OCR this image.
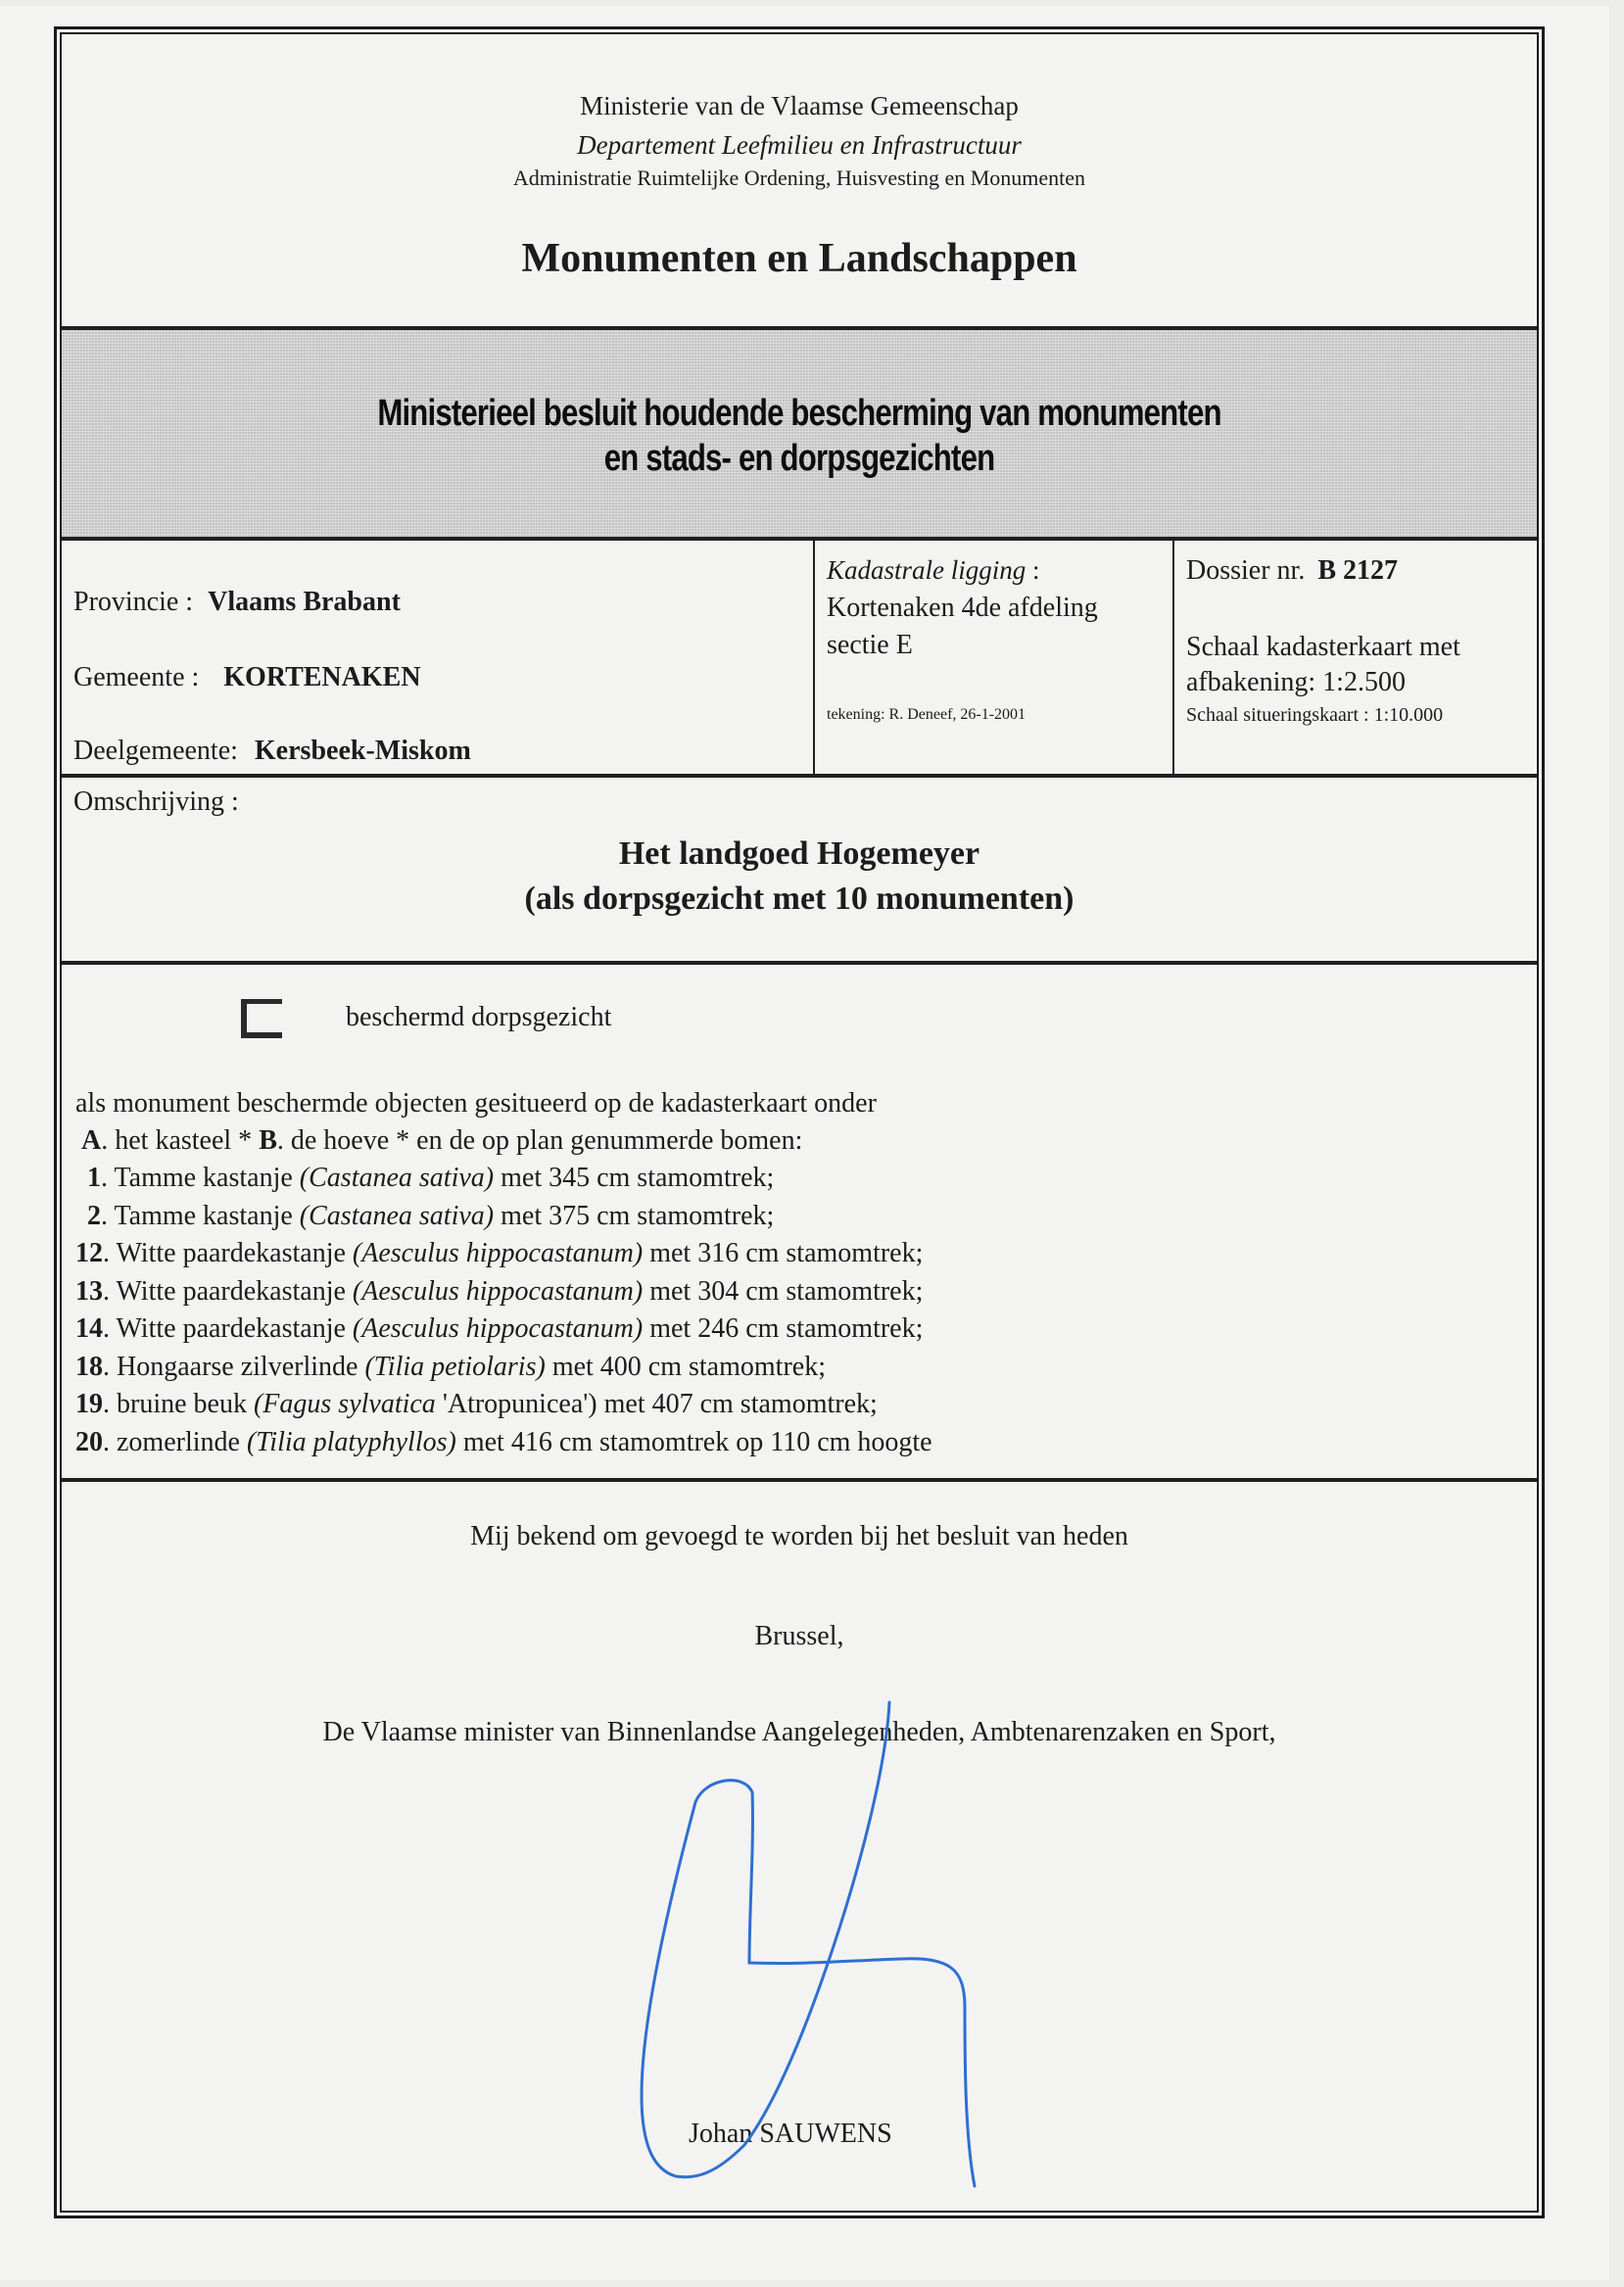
Ministerie van de Vlaamse Gemeenschap
Departement Leefmilieu en Infrastructuur
Administratie Ruimtelijke Ordening, Huisvesting en Monumenten
Monumenten en Landschappen
Ministerieel besluit houdende bescherming van monumenten
en stads- en dorpsgezichten
Provincie : Vlaams Brabant
Gemeente : KORTENAKEN
Deelgemeente: Kersbeek-Miskom
Kadastrale ligging :
Kortenaken 4de afdeling
sectie E
tekening: R. Deneef, 26-1-2001
Dossier nr. B 2127
Schaal kadasterkaart met
afbakening: 1:2.500
Schaal situeringskaart : 1:10.000
Omschrijving :
Het landgoed Hogemeyer
(als dorpsgezicht met 10 monumenten)
beschermd dorpsgezicht
als monument beschermde objecten gesitueerd op de kadasterkaart onder
A. het kasteel * B. de hoeve * en de op plan genummerde bomen:
1. Tamme kastanje (Castanea sativa) met 345 cm stamomtrek;
2. Tamme kastanje (Castanea sativa) met 375 cm stamomtrek;
12. Witte paardekastanje (Aesculus hippocastanum) met 316 cm stamomtrek;
13. Witte paardekastanje (Aesculus hippocastanum) met 304 cm stamomtrek;
14. Witte paardekastanje (Aesculus hippocastanum) met 246 cm stamomtrek;
18. Hongaarse zilverlinde (Tilia petiolaris) met 400 cm stamomtrek;
19. bruine beuk (Fagus sylvatica 'Atropunicea') met 407 cm stamomtrek;
20. zomerlinde (Tilia platyphyllos) met 416 cm stamomtrek op 110 cm hoogte
Mij bekend om gevoegd te worden bij het besluit van heden
Brussel,
De Vlaamse minister van Binnenlandse Aangelegenheden, Ambtenarenzaken en Sport,
Johan SAUWENS
